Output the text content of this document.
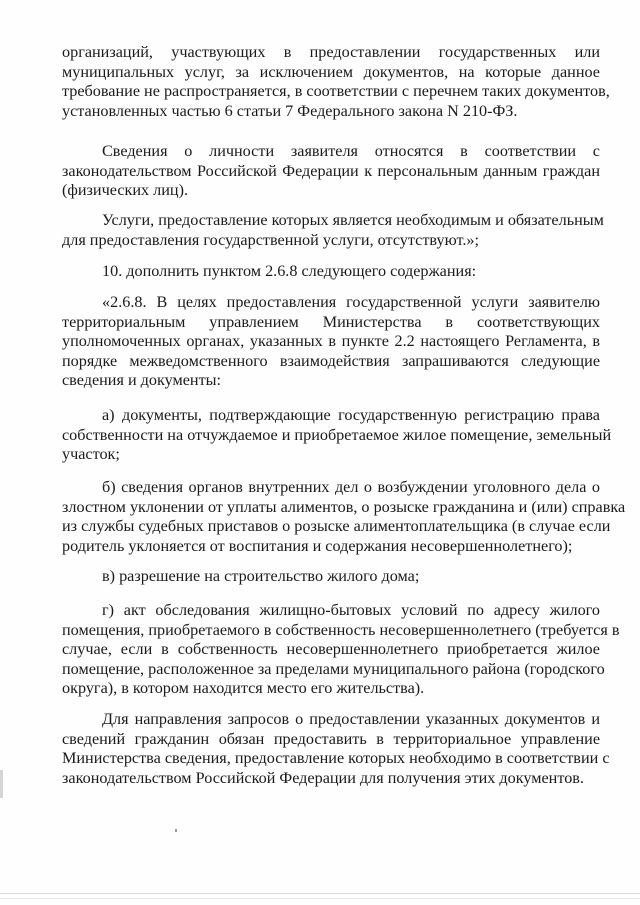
организаций, участвующих в предоставлении государственных или
муниципальных услуг, за исключением документов, на которые данное
требование не распространяется, в соответствии с перечнем таких документов,
установленных частью 6 статьи 7 Федерального закона N 210-ФЗ.
Сведения о личности заявителя относятся в соответствии с
законодательством Российской Федерации к персональным данным граждан
(физических лиц).
Услуги, предоставление которых является необходимым и обязательным
для предоставления государственной услуги, отсутствуют.»;
10. дополнить пунктом 2.6.8 следующего содержания:
«2.6.8. В целях предоставления государственной услуги заявителю
территориальным управлением Министерства в соответствующих
уполномоченных органах, указанных в пункте 2.2 настоящего Регламента, в
порядке межведомственного взаимодействия запрашиваются следующие
сведения и документы:
а) документы, подтверждающие государственную регистрацию права
собственности на отчуждаемое и приобретаемое жилое помещение, земельный
участок;
б) сведения органов внутренних дел о возбуждении уголовного дела о
злостном уклонении от уплаты алиментов, о розыске гражданина и (или) справка
из службы судебных приставов о розыске алиментоплательщика (в случае если
родитель уклоняется от воспитания и содержания несовершеннолетнего);
в) разрешение на строительство жилого дома;
г) акт обследования жилищно-бытовых условий по адресу жилого
помещения, приобретаемого в собственность несовершеннолетнего (требуется в
случае, если в собственность несовершеннолетнего приобретается жилое
помещение, расположенное за пределами муниципального района (городского
округа), в котором находится место его жительства).
Для направления запросов о предоставлении указанных документов и
сведений гражданин обязан предоставить в территориальное управление
Министерства сведения, предоставление которых необходимо в соответствии с
законодательством Российской Федерации для получения этих документов.
